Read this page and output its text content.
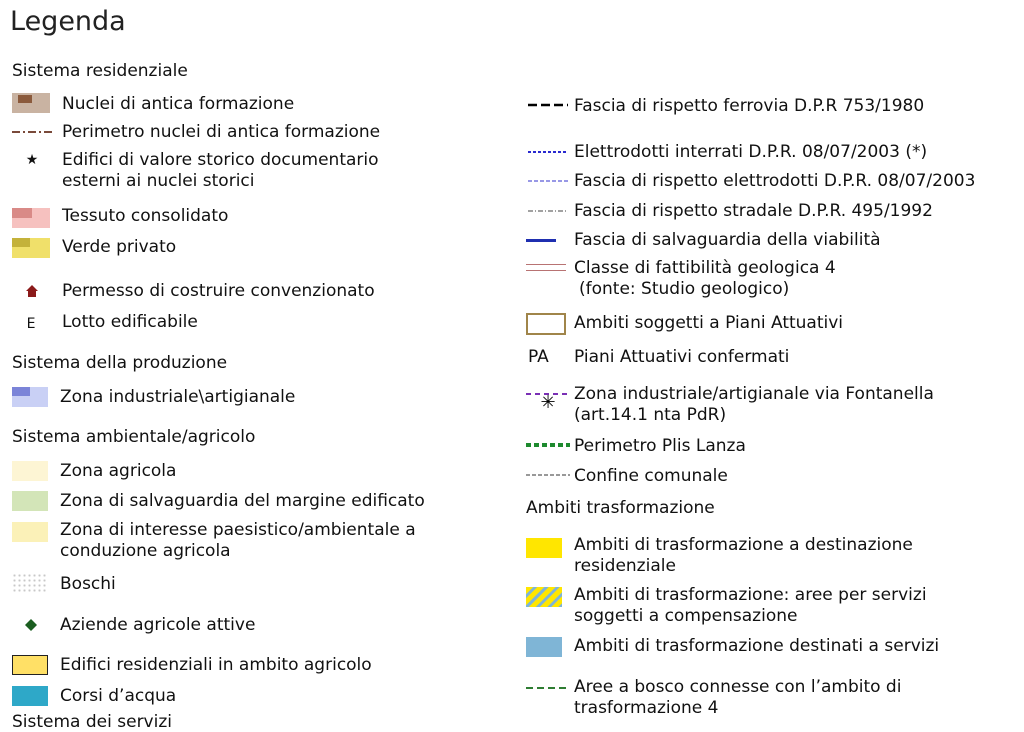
Legenda
Sistema residenziale
Nuclei di antica formazione
Perimetro nuclei di antica formazione
★ Edifici di valore storico documentario
esterni ai nuclei storici
Tessuto consolidato
Verde privato
Permesso di costruire convenzionato
E	Lotto edificabile
Sistema della produzione
Zona industriale\artigianale
Sistema ambientale/agricolo
Zona agricola
Zona di salvaguardia del margine edificato
Zona di interesse paesistico/ambientale a
conduzione agricola
Boschi
Aziende agricole attive
Edifici residenziali in ambito agricolo
Corsi d’acqua
Sistema dei servizi
Fascia di rispetto ferrovia D.P.R 753/1980
Elettrodotti interrati D.P.R. 08/07/2003 (*)
Fascia di rispetto elettrodotti D.P.R. 08/07/2003
Fascia di rispetto stradale D.P.R. 495/1992
Fascia di salvaguardia della viabilità
Classe di fattibilità geologica 4
(fonte: Studio geologico)
Ambiti soggetti a Piani Attuativi
PA Piani Attuativi confermati
✳ Zona industriale/artigianale via Fontanella
(art.14.1 nta PdR)
Perimetro Plis Lanza
Confine comunale
Ambiti trasformazione
Ambiti di trasformazione a destinazione
residenziale
Ambiti di trasformazione: aree per servizi
soggetti a compensazione
Ambiti di trasformazione destinati a servizi
Aree a bosco connesse con l’ambito di
trasformazione 4
